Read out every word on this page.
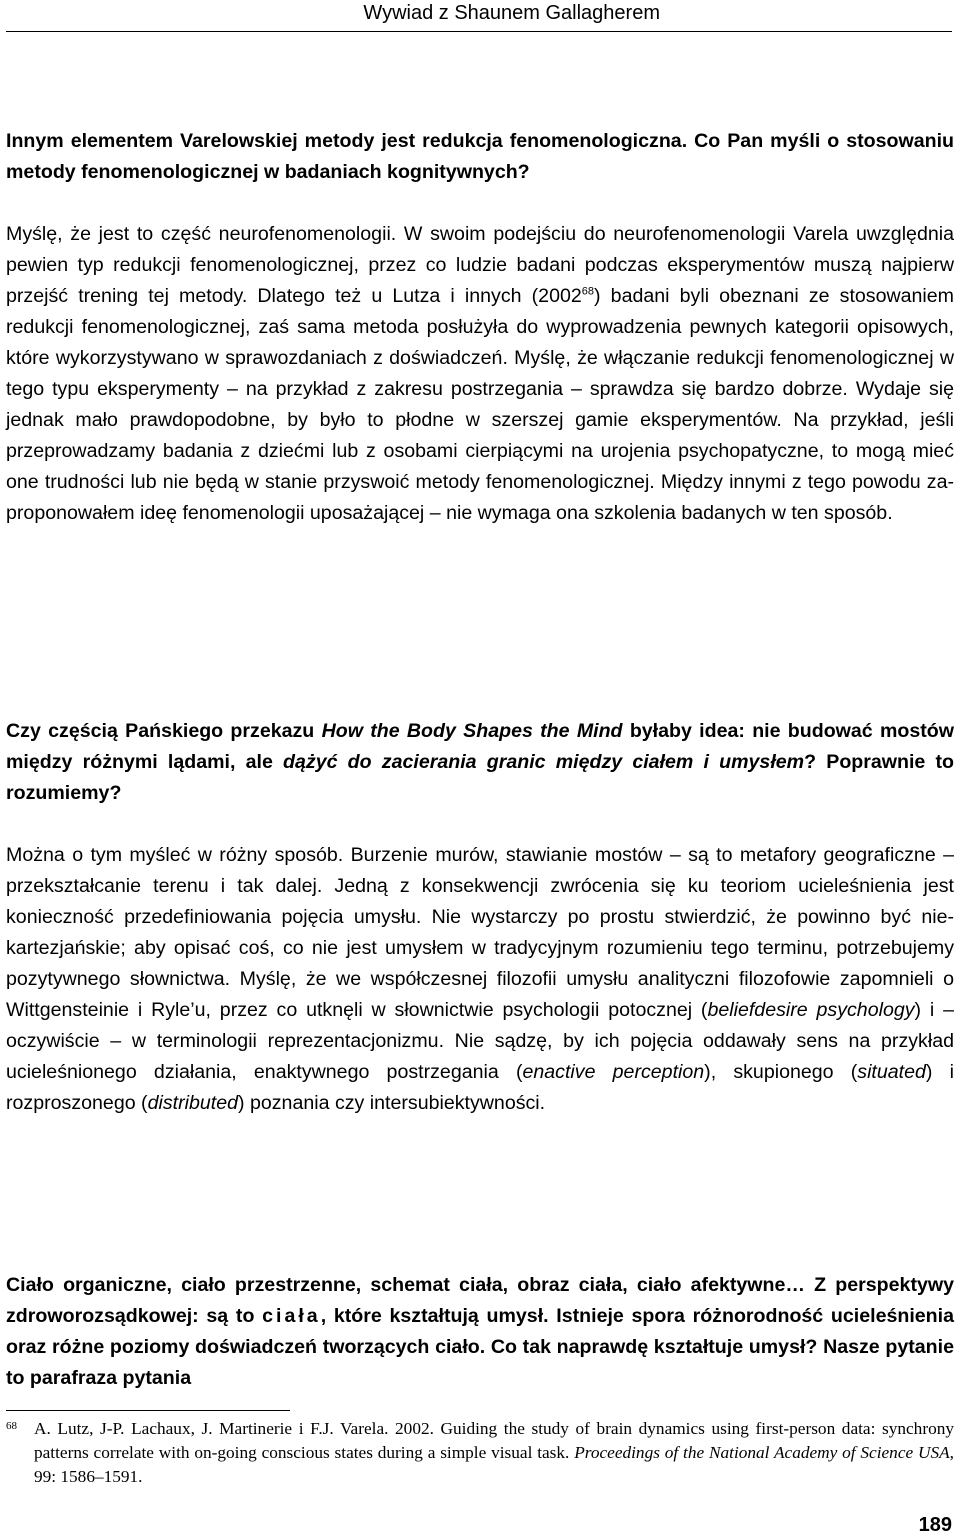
Wywiad z Shaunem Gallagherem

Innym elementem Varelowskiej metody jest redukcja fenomenologiczna. Co Pan myśli o stosowaniu metody fenomenologicznej w badaniach kognitywnych?

Myślę, że jest to część neurofenomenologii. W swoim podejściu do neurofenomenologii Varela uwzględnia pewien typ redukcji fenomenologicznej, przez co ludzie badani podczas eksperymentów muszą najpierw przejść trening tej metody. Dlatego też u Lutza i innych (2002$^{68}$) badani byli obeznani ze stosowaniem redukcji fenomenologicznej, zaś sama metoda posłużyła do wyprowadzenia pewnych kategorii opisowych, które wykorzystywano w sprawozdaniach z doświadczeń. Myślę, że włączanie redukcji fenomenologicznej w tego typu eksperymenty – na przykład z zakresu postrzegania – sprawdza się bardzo dobrze. Wydaje się jednak mało prawdopodobne, by było to płodne w szerszej gamie eksperymentów. Na przykład, jeśli przeprowadzamy badania z dziećmi lub z osobami cierpiącymi na urojenia psychopatyczne, to mogą mieć one trudności lub nie będą w stanie przyswoić metody fenomenologicznej. Między innymi z tego powodu zaproponowałem ideę fenomenologii uposażającej – nie wymaga ona szkolenia badanych w ten sposób.

Czy częścią Pańskiego przekazu How the Body Shapes the Mind byłaby idea: nie budować mostów między różnymi lądami, ale dążyć do zacierania granic między ciałem i umysłem? Poprawnie to rozumiemy?

Można o tym myśleć w różny sposób. Burzenie murów, stawianie mostów – są to metafory geograficzne – przekształcanie terenu i tak dalej. Jedną z konsekwencji zwrócenia się ku teoriom ucieleśnienia jest konieczność przedefiniowania pojęcia umysłu. Nie wystarczy po prostu stwierdzić, że powinno być nie-kartezjańskie; aby opisać coś, co nie jest umysłem w tradycyjnym rozumieniu tego terminu, potrzebujemy pozytywnego słownictwa. Myślę, że we współczesnej filozofii umysłu analityczni filozofowie zapomnieli o Wittgensteinie i Ryle’u, przez co utknęli w słownictwie psychologii potocznej (beliefdesire psychology) i – oczywiście – w terminologii reprezentacjonizmu. Nie sądzę, by ich pojęcia oddawały sens na przykład ucieleśnionego działania, enaktywnego postrzegania (enactive perception), skupionego (situated) i rozproszonego (distributed) poznania czy intersubiektywności.

Ciało organiczne, ciało przestrzenne, schemat ciała, obraz ciała, ciało afektywne… Z perspektywy zdroworozsądkowej: są to ciała, które kształtują umysł. Istnieje spora różnorodność ucieleśnienia oraz różne poziomy doświadczeń tworzących ciało. Co tak naprawdę kształtuje umysł? Nasze pytanie to parafraza pytania

68 A. Lutz, J-P. Lachaux, J. Martinerie i F.J. Varela. 2002. Guiding the study of brain dynamics using first-person data: synchrony patterns correlate with on-going conscious states during a simple visual task. Proceedings of the National Academy of Science USA, 99: 1586–1591.
189
